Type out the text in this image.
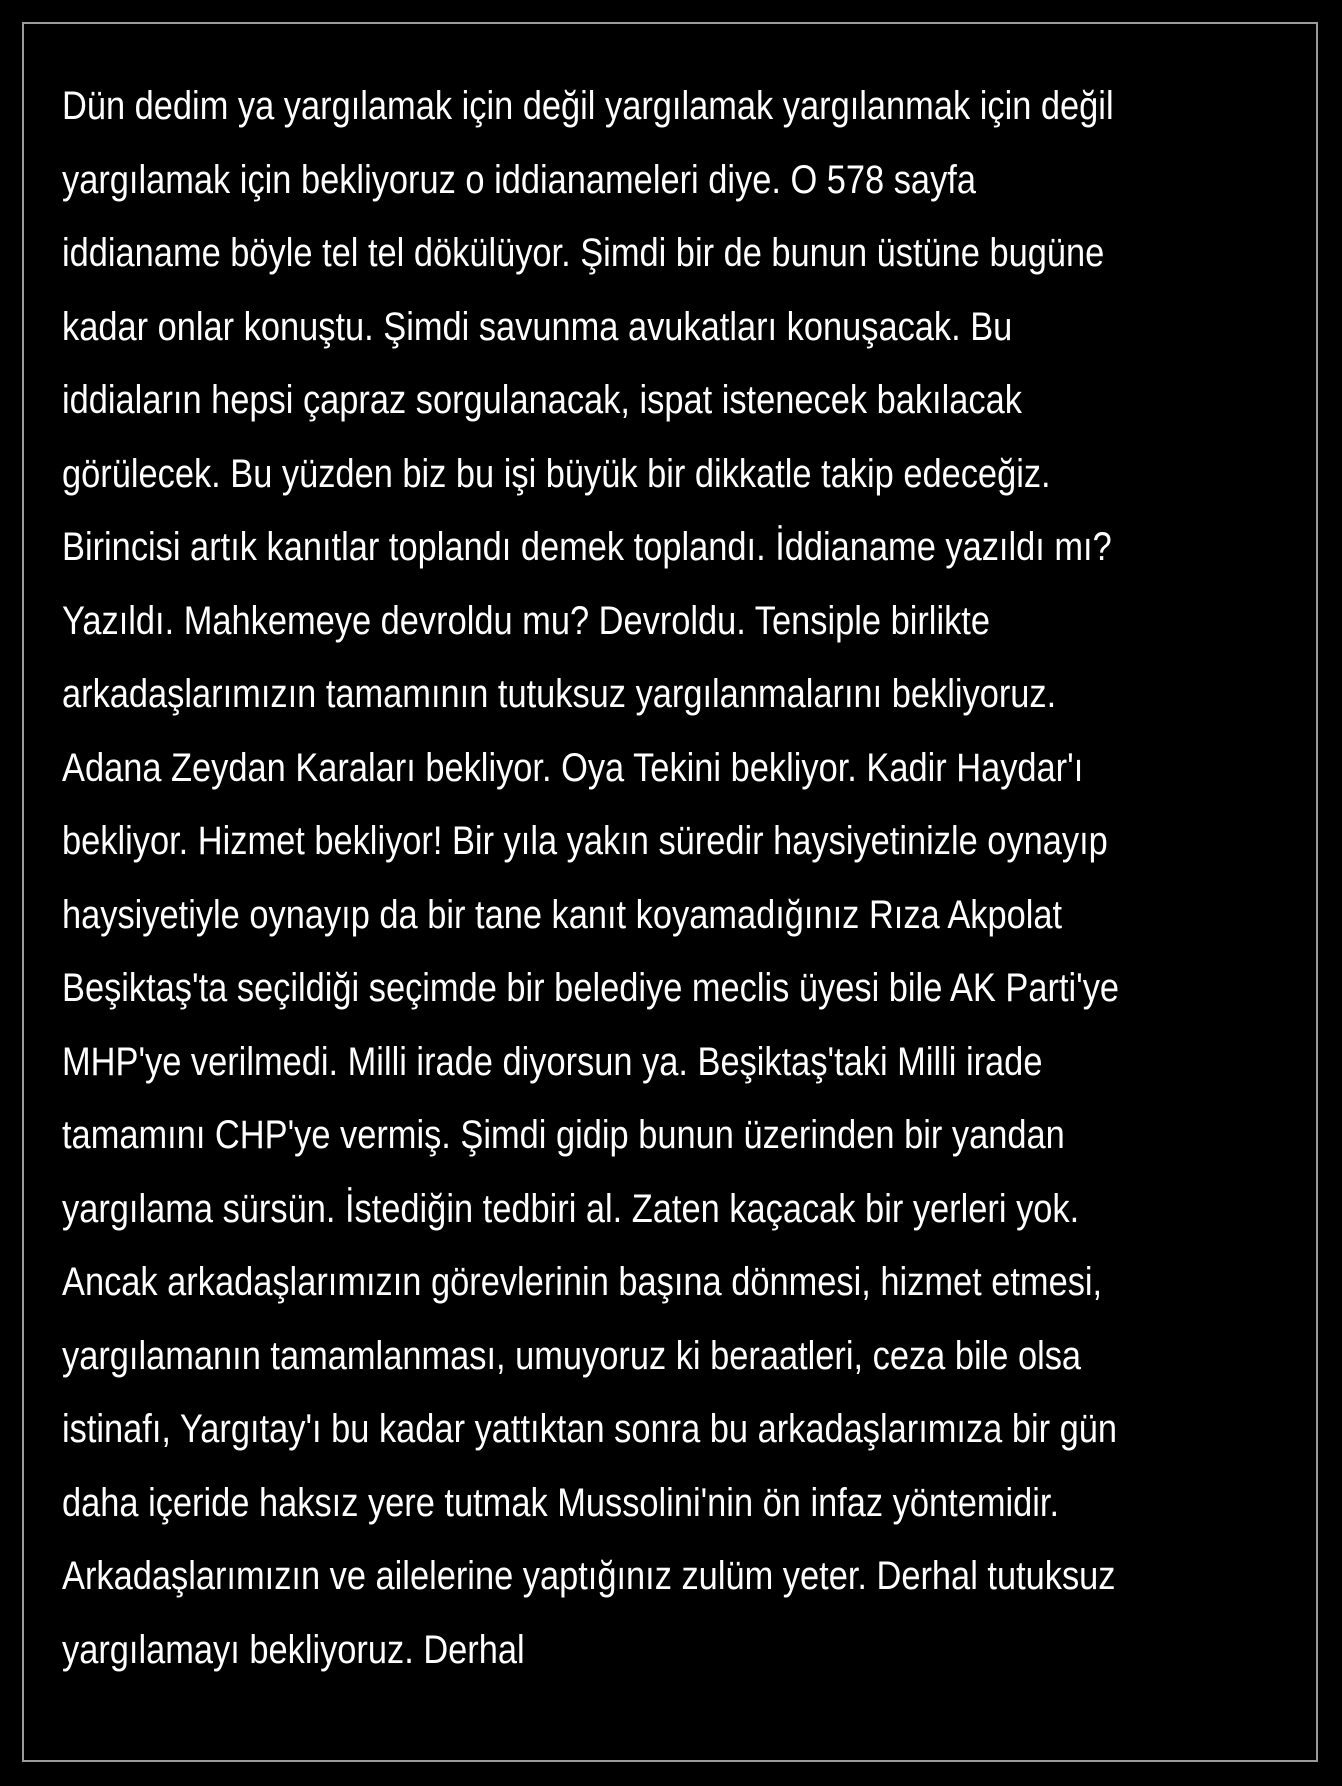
Dün dedim ya yargılamak için değil yargılamak yargılanmak için değil
yargılamak için bekliyoruz o iddianameleri diye. O 578 sayfa
iddianame böyle tel tel dökülüyor. Şimdi bir de bunun üstüne bugüne
kadar onlar konuştu. Şimdi savunma avukatları konuşacak. Bu
iddiaların hepsi çapraz sorgulanacak, ispat istenecek bakılacak
görülecek. Bu yüzden biz bu işi büyük bir dikkatle takip edeceğiz.
Birincisi artık kanıtlar toplandı demek toplandı. İddianame yazıldı mı?
Yazıldı. Mahkemeye devroldu mu? Devroldu. Tensiple birlikte
arkadaşlarımızın tamamının tutuksuz yargılanmalarını bekliyoruz.
Adana Zeydan Karaları bekliyor. Oya Tekini bekliyor. Kadir Haydar'ı
bekliyor. Hizmet bekliyor! Bir yıla yakın süredir haysiyetinizle oynayıp
haysiyetiyle oynayıp da bir tane kanıt koyamadığınız Rıza Akpolat
Beşiktaş'ta seçildiği seçimde bir belediye meclis üyesi bile AK Parti'ye
MHP'ye verilmedi. Milli irade diyorsun ya. Beşiktaş'taki Milli irade
tamamını CHP'ye vermiş. Şimdi gidip bunun üzerinden bir yandan
yargılama sürsün. İstediğin tedbiri al. Zaten kaçacak bir yerleri yok.
Ancak arkadaşlarımızın görevlerinin başına dönmesi, hizmet etmesi,
yargılamanın tamamlanması, umuyoruz ki beraatleri, ceza bile olsa
istinafı, Yargıtay'ı bu kadar yattıktan sonra bu arkadaşlarımıza bir gün
daha içeride haksız yere tutmak Mussolini'nin ön infaz yöntemidir.
Arkadaşlarımızın ve ailelerine yaptığınız zulüm yeter. Derhal tutuksuz
yargılamayı bekliyoruz. Derhal
